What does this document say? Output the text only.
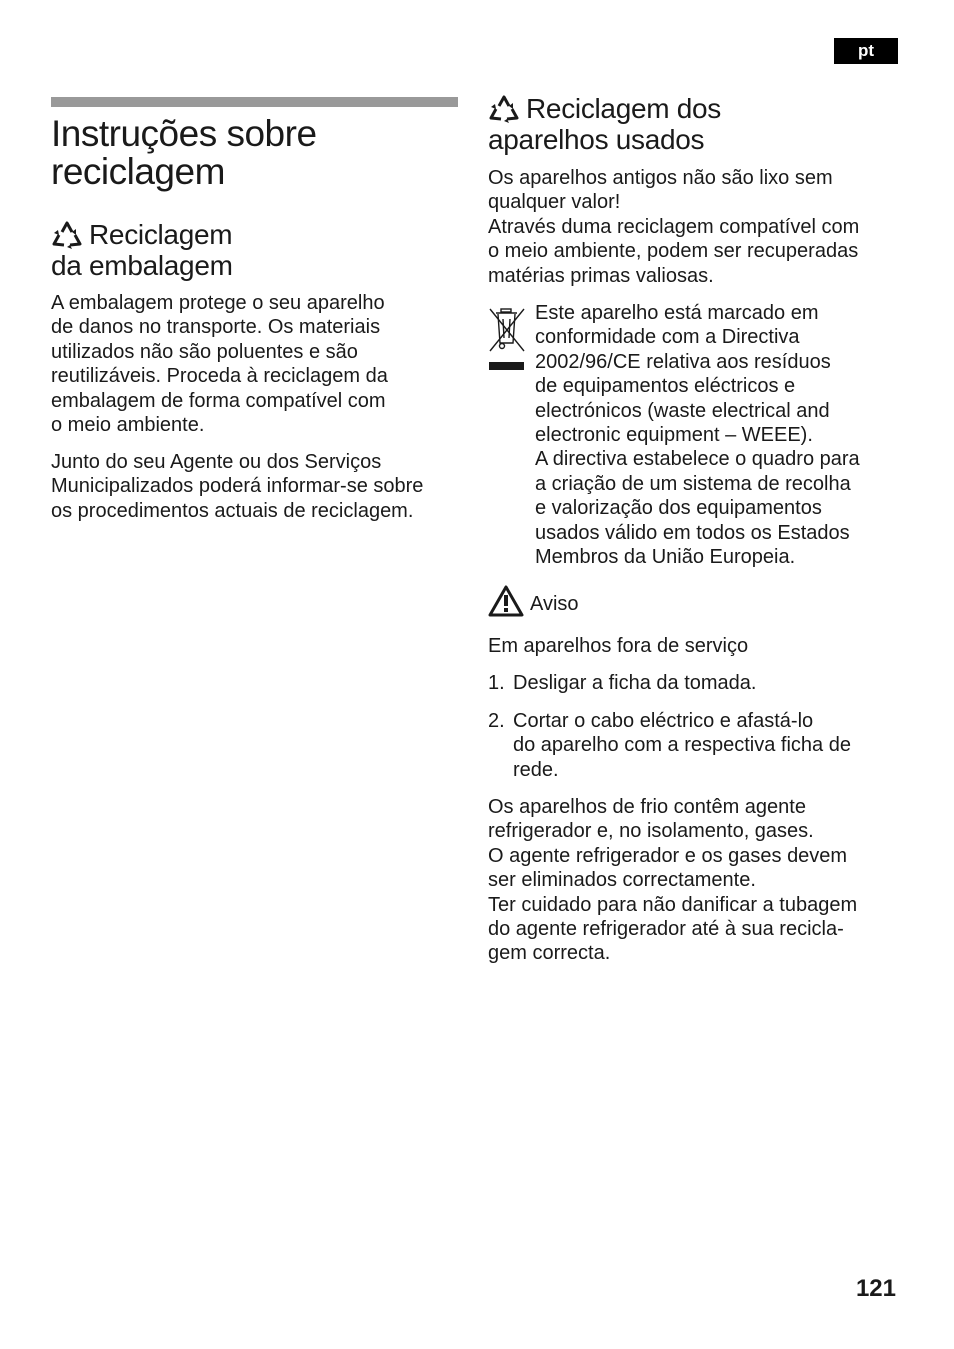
pt
Instruções sobre
reciclagem
Reciclagem
da embalagem

A embalagem protege o seu aparelho
de danos no transporte. Os materiais
utilizados não são poluentes e são
reutilizáveis. Proceda à reciclagem da
embalagem de forma compatível com
o meio ambiente.

Junto do seu Agente ou dos Serviços
Municipalizados poderá informar-se sobre
os procedimentos actuais de reciclagem.

Reciclagem dos
aparelhos usados

Os aparelhos antigos não são lixo sem
qualquer valor!
Através duma reciclagem compatível com
o meio ambiente, podem ser recuperadas
matérias primas valiosas.

Este aparelho está marcado em
conformidade com a Directiva
2002/96/CE relativa aos resíduos
de equipamentos eléctricos e
electrónicos (waste electrical and
electronic equipment – WEEE).
A directiva estabelece o quadro para
a criação de um sistema de recolha
e valorização dos equipamentos
usados válido em todos os Estados
Membros da União Europeia.

Aviso

Em aparelhos fora de serviço

1. Desligar a ficha da tomada.
2. Cortar o cabo eléctrico e afastá-lo
do aparelho com a respectiva ficha de
rede.

Os aparelhos de frio contêm agente
refrigerador e, no isolamento, gases.
O agente refrigerador e os gases devem
ser eliminados correctamente.
Ter cuidado para não danificar a tubagem
do agente refrigerador até à sua recicla-
gem correcta.

121
